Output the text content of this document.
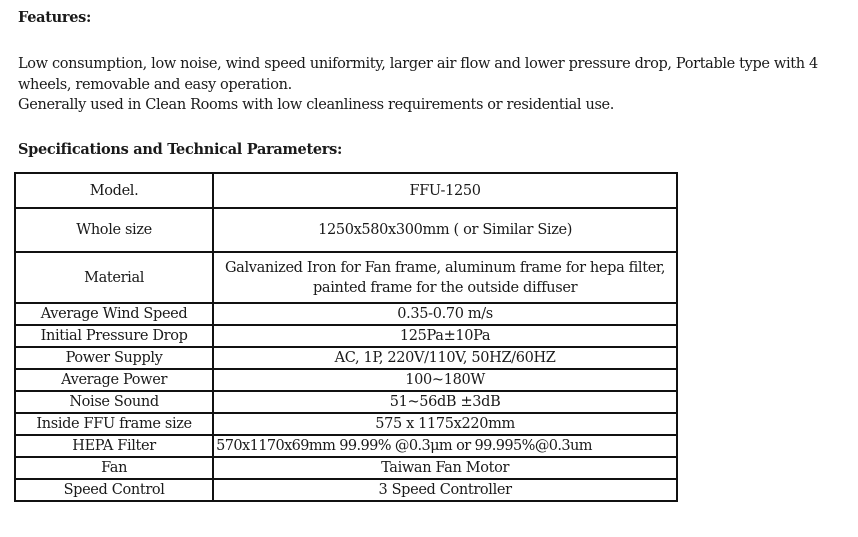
Features:
Low consumption, low noise, wind speed uniformity, larger air flow and lower pressure drop, Portable type with 4 wheels, removable and easy operation.
Generally used in Clean Rooms with low cleanliness requirements or residential use.
Specifications and Technical Parameters:
Model.	FFU-1250
Whole size	1250x580x300mm ( or Similar Size)
Material	Galvanized Iron for Fan frame, aluminum frame for hepa filter, painted frame for the outside diffuser
Average Wind Speed	0.35-0.70 m/s
Initial Pressure Drop	125Pa±10Pa
Power Supply	AC, 1P, 220V/110V, 50HZ/60HZ
Average Power	100~180W
Noise Sound	51~56dB ±3dB
Inside FFU frame size	575 x 1175x220mm
HEPA Filter	570x1170x69mm 99.99% @0.3μm or 99.995%@0.3um
Fan	Taiwan Fan Motor
Speed Control	3 Speed Controller
